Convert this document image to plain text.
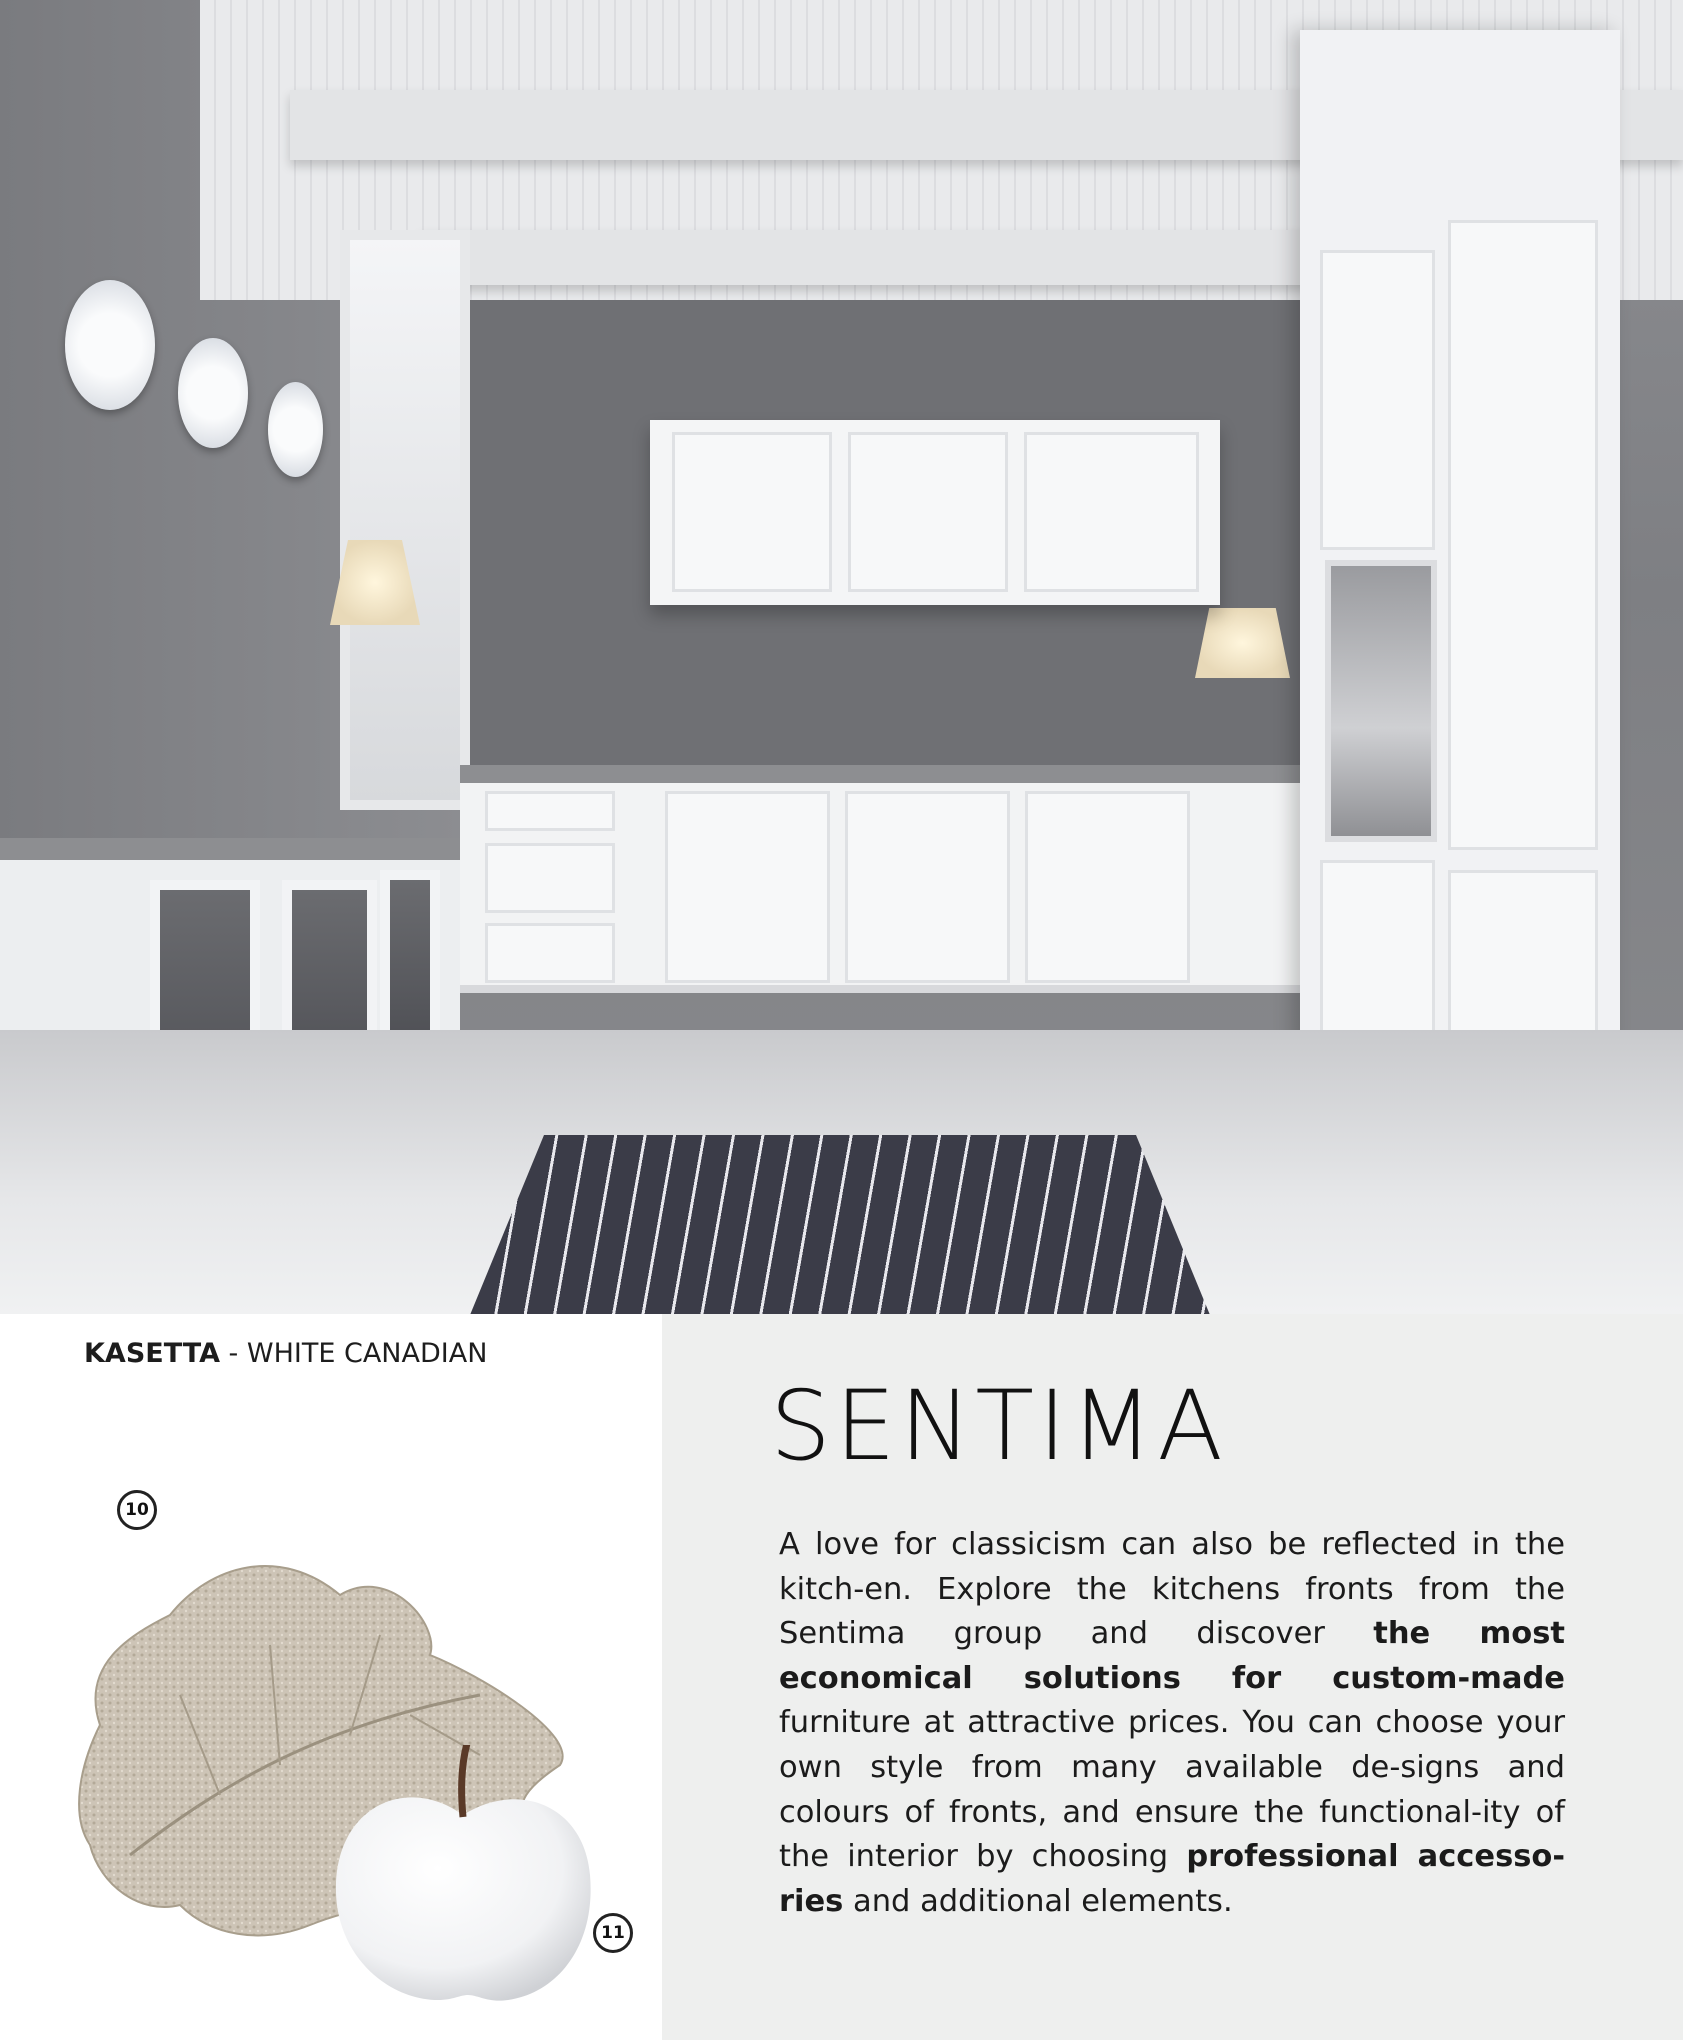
KASETTA - WHITE CANADIAN
10
11
SENTIMA
A love for classicism can also be reflected in the kitch-en. Explore the kitchens fronts from the Sentima group and discover the most economical solutions for custom-made furniture at attractive prices. You can choose your own style from many available de-signs and colours of fronts, and ensure the functional-ity of the interior by choosing professional accesso-ries and additional elements.
